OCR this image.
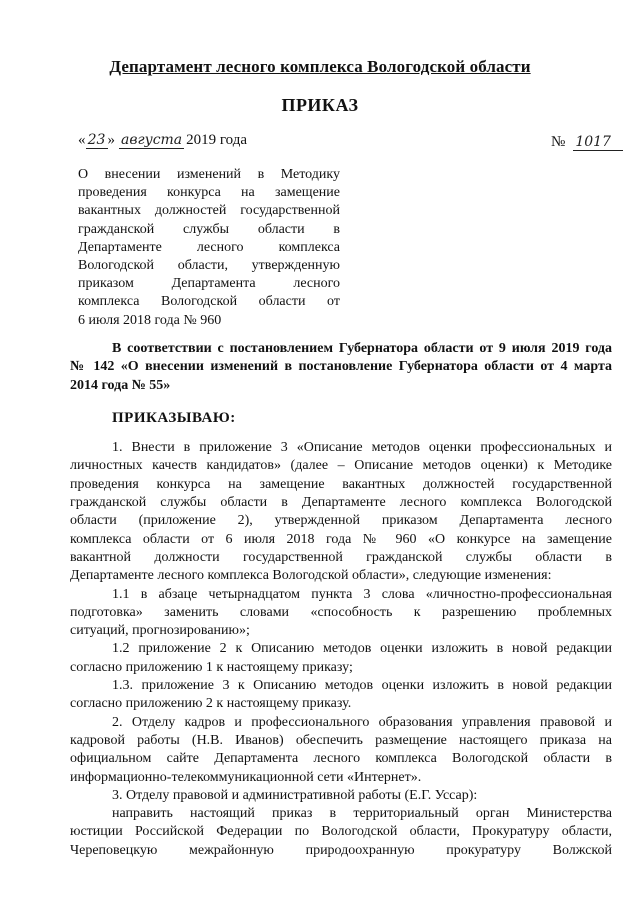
Департамент лесного комплекса Вологодской области
ПРИКАЗ
« 23 » августа 2019 года	№ 1017
О внесении изменений в Методику
проведения конкурса на замещение
вакантных должностей государственной
гражданской службы области в
Департаменте лесного комплекса
Вологодской области, утвержденную
приказом Департамента лесного
комплекса Вологодской области от
6 июля 2018 года № 960
В соответствии с постановлением Губернатора области от 9 июля 2019 года
№ 142 «О внесении изменений в постановление Губернатора области от 4 марта
2014 года № 55»
ПРИКАЗЫВАЮ:
1. Внести в приложение 3 «Описание методов оценки профессиональных и
личностных качеств кандидатов» (далее – Описание методов оценки) к Методике
проведения конкурса на замещение вакантных должностей государственной
гражданской службы области в Департаменте лесного комплекса Вологодской
области (приложение 2), утвержденной приказом Департамента лесного
комплекса области от 6 июля 2018 года № 960 «О конкурсе на замещение
вакантной должности государственной гражданской службы области в
Департаменте лесного комплекса Вологодской области», следующие изменения:
1.1 в абзаце четырнадцатом пункта 3 слова «личностно-профессиональная
подготовка» заменить словами «способность к разрешению проблемных
ситуаций, прогнозированию»;
1.2 приложение 2 к Описанию методов оценки изложить в новой редакции
согласно приложению 1 к настоящему приказу;
1.3. приложение 3 к Описанию методов оценки изложить в новой редакции
согласно приложению 2 к настоящему приказу.
2. Отделу кадров и профессионального образования управления правовой и
кадровой работы (Н.В. Иванов) обеспечить размещение настоящего приказа на
официальном сайте Департамента лесного комплекса Вологодской области в
информационно-телекоммуникационной сети «Интернет».
3. Отделу правовой и административной работы (Е.Г. Уссар):
направить настоящий приказ в территориальный орган Министерства
юстиции Российской Федерации по Вологодской области, Прокуратуру области,
Череповецкую межрайонную природоохранную прокуратуру Волжской
